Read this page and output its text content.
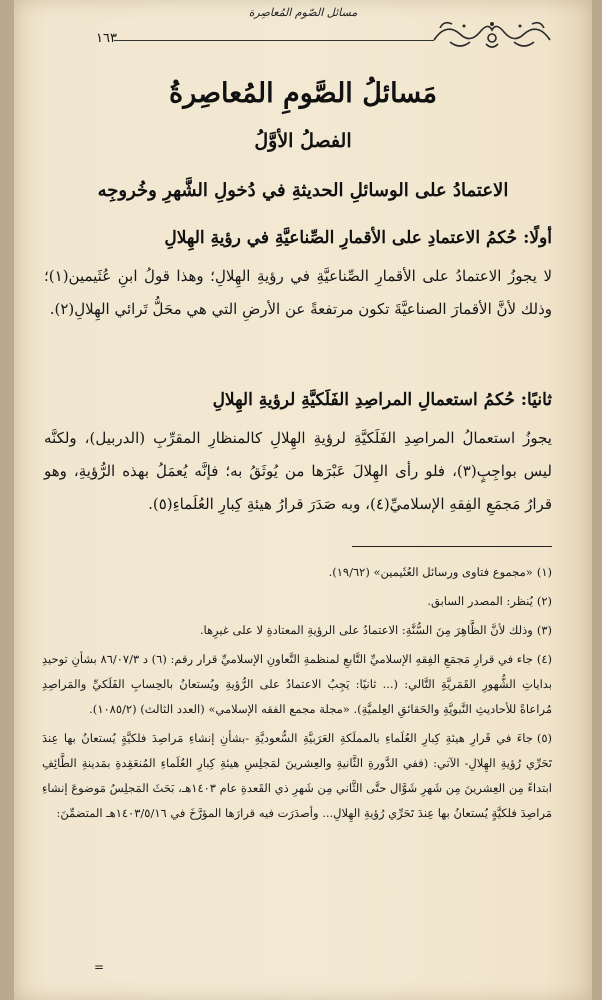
مسائل الصّوم المُعاصِرة
١٦٣
مَسائلُ الصَّومِ المُعاصِرةُ
الفصلُ الأوَّلُ
الاعتمادُ على الوسائلِ الحديثةِ في دُخولِ الشَّهرِ وخُروجِه
أولًا: حُكمُ الاعتمادِ على الأقمارِ الصِّناعيَّةِ في رؤيةِ الهِلالِ
لا يجوزُ الاعتمادُ على الأقمارِ الصِّناعيَّةِ في رؤيةِ الهِلالِ؛ وهذا قولُ ابنِ عُثَيمين(١)؛ وذلك لأنَّ الأقمارَ الصناعيَّةَ تكون مرتفعةً عن الأرضِ التي هي محَلُّ تَرائي الهِلالِ(٢).
ثانيًا: حُكمُ استعمالِ المراصِدِ الفَلَكيَّةِ لرؤيةِ الهِلالِ
يجوزُ استعمالُ المراصِدِ الفَلَكيَّةِ لرؤيةِ الهِلالِ كالمنظارِ المقرِّبِ (الدربيل)، ولكنَّه ليس بواجِبٍ(٣)، فلو رأى الهِلالَ عَبْرَها من يُوثَقُ به؛ فإنَّه يُعمَلُ بهذه الرُّؤيةِ، وهو قرارُ مَجمَعِ الفِقهِ الإسلاميِّ(٤)، وبه صَدَرَ قرارُ هيئةِ كِبارِ العُلَماءِ(٥).

(١)«مجموع فتاوى ورسائل العُثَيمين» (١٩/٦٢).

(٢)يُنظر: المصدر السابق.

(٣)وذلك لأنَّ الظَّاهِرَ مِنَ السُّنَّةِ: الاعتمادُ على الرؤيةِ المعتادةِ لا على غيرِها.

(٤)جاء في قرارِ مَجمَعِ الفِقهِ الإسلاميِّ التَّابعِ لمنظمةِ التَّعاونِ الإسلاميِّ قرار رقم: (٦) د ٨٦/٠٧/٣ بشأنِ توحيدِ بداياتِ الشُّهورِ القَمَريَّةِ التَّالي: (... ثانيًا: يَجِبُ الاعتمادُ على الرُّؤيةِ ويُستعانُ بالحِسابِ الفَلَكيِّ والمَراصِدِ مُراعاةً للأحاديثِ النَّبويَّةِ والحَقائقِ العِلميَّةِ). «مجلة مجمع الفقه الإسلامي» (العدد الثالث) (١٠٨٥/٢).

(٥)جاءَ في قَرارِ هيئةِ كِبارِ العُلَماءِ بالمملَكةِ العَرَبيَّةِ السُّعوديَّةِ -بشأنِ إنشاءِ مَراصِدَ فلكيَّةٍ يُستعانُ بها عِندَ تَحَرِّي رُؤيةِ الهِلالِ- الآتي: (ففي الدَّورةِ الثَّانيةِ والعِشرينَ لمَجلِسِ هيئةِ كِبارِ العُلَماءِ المُنعَقِدةِ بمَدينةِ الطَّائِفِ ابتداءً مِن العِشرينَ مِن شَهرِ شَوَّال حتَّى الثَّاني مِن شَهرِ ذي القَعدةِ عام ١٤٠٣هـ، بَحَثَ المَجلِسُ مَوضوعَ إنشاءِ مَراصِدَ فلكيَّةٍ يُستعانُ بها عِندَ تَحَرِّي رُؤيةِ الهِلالِ... وأصدَرَت فيه قرارَها المؤرَّخَ في ١٤٠٣/٥/١٦هـ المتضمِّنَ:

=
